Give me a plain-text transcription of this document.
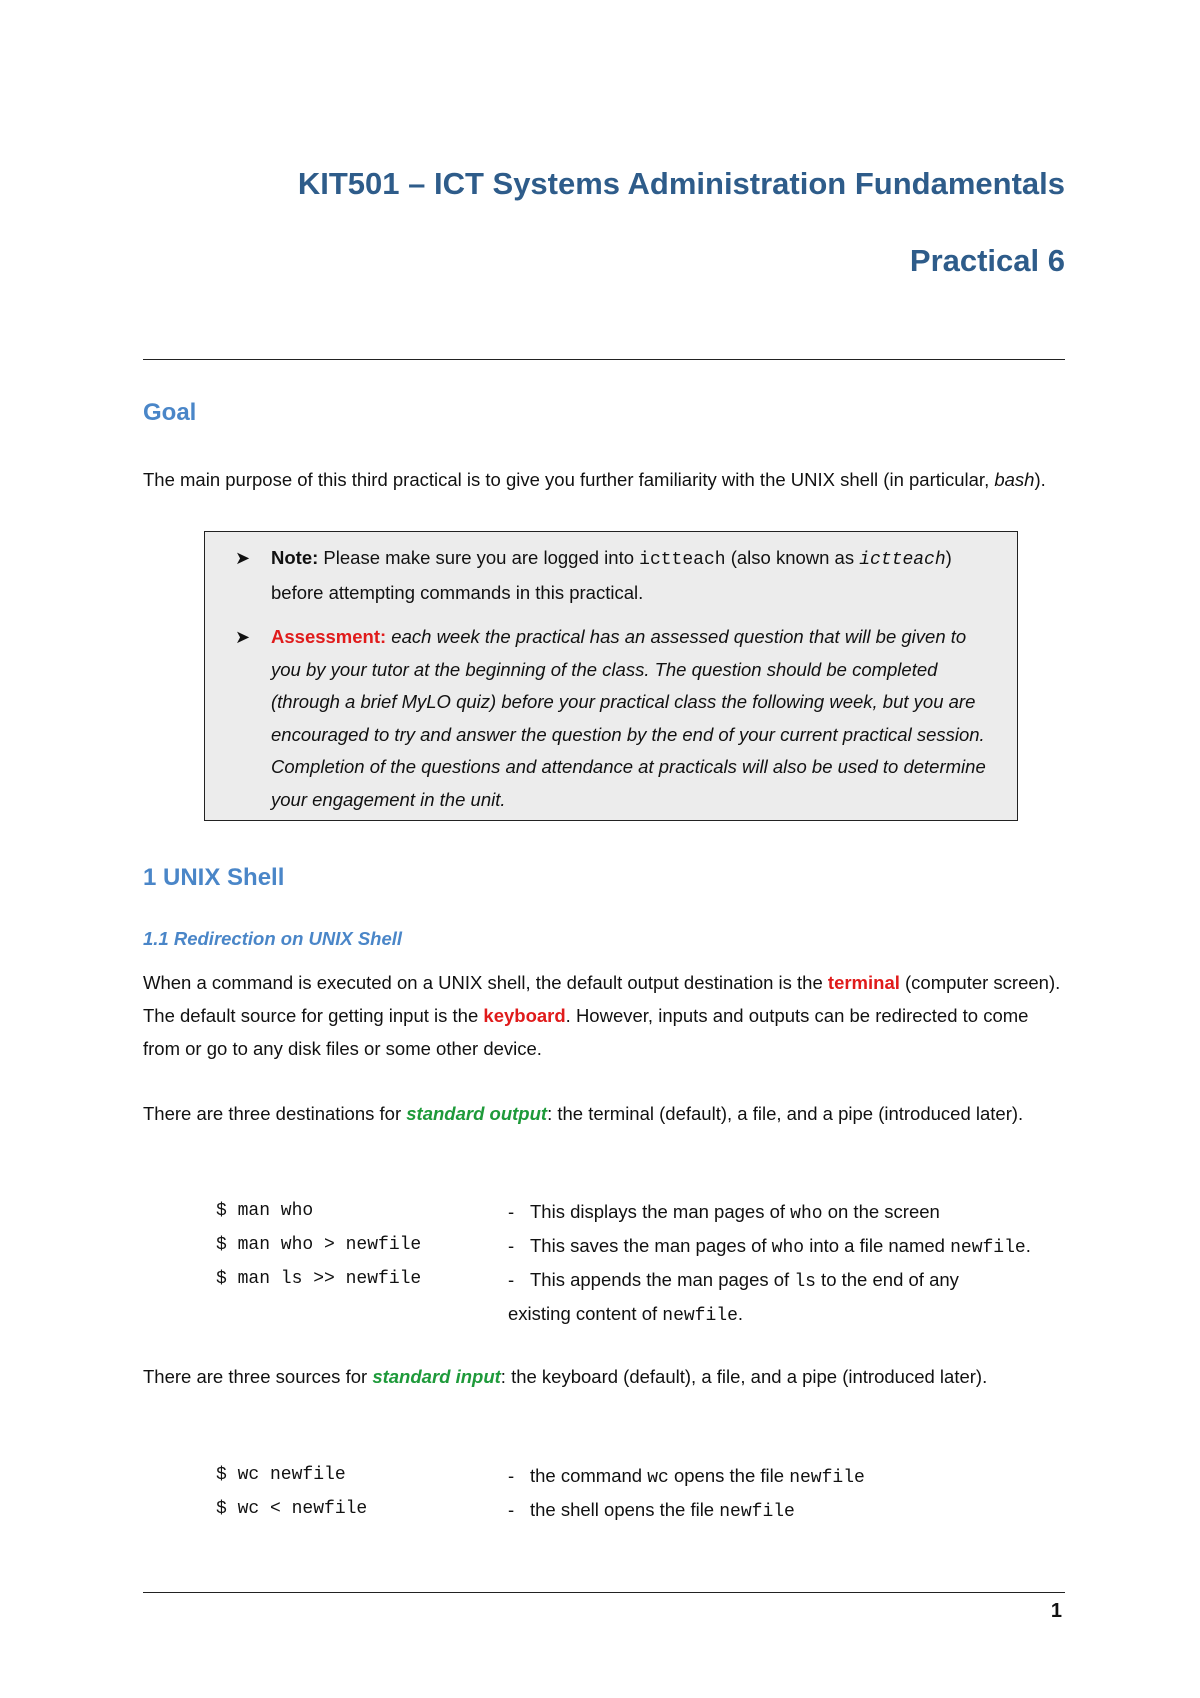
KIT501 – ICT Systems Administration Fundamentals
Practical 6
Goal
The main purpose of this third practical is to give you further familiarity with the UNIX shell (in particular, bash).
➤ Note: Please make sure you are logged into ictteach (also known as ictteach) before attempting commands in this practical.
➤ Assessment: each week the practical has an assessed question that will be given to you by your tutor at the beginning of the class. The question should be completed (through a brief MyLO quiz) before your practical class the following week, but you are encouraged to try and answer the question by the end of your current practical session. Completion of the questions and attendance at practicals will also be used to determine your engagement in the unit.
1 UNIX Shell
1.1 Redirection on UNIX Shell
When a command is executed on a UNIX shell, the default output destination is the terminal (computer screen). The default source for getting input is the keyboard. However, inputs and outputs can be redirected to come from or go to any disk files or some other device.
There are three destinations for standard output: the terminal (default), a file, and a pipe (introduced later).
$ man who	- This displays the man pages of who on the screen
$ man who > newfile	- This saves the man pages of who into a file named newfile.
$ man ls >> newfile	- This appends the man pages of ls to the end of any
existing content of newfile.
There are three sources for standard input: the keyboard (default), a file, and a pipe (introduced later).
$ wc newfile	- the command wc opens the file newfile
$ wc < newfile	- the shell opens the file newfile
1
